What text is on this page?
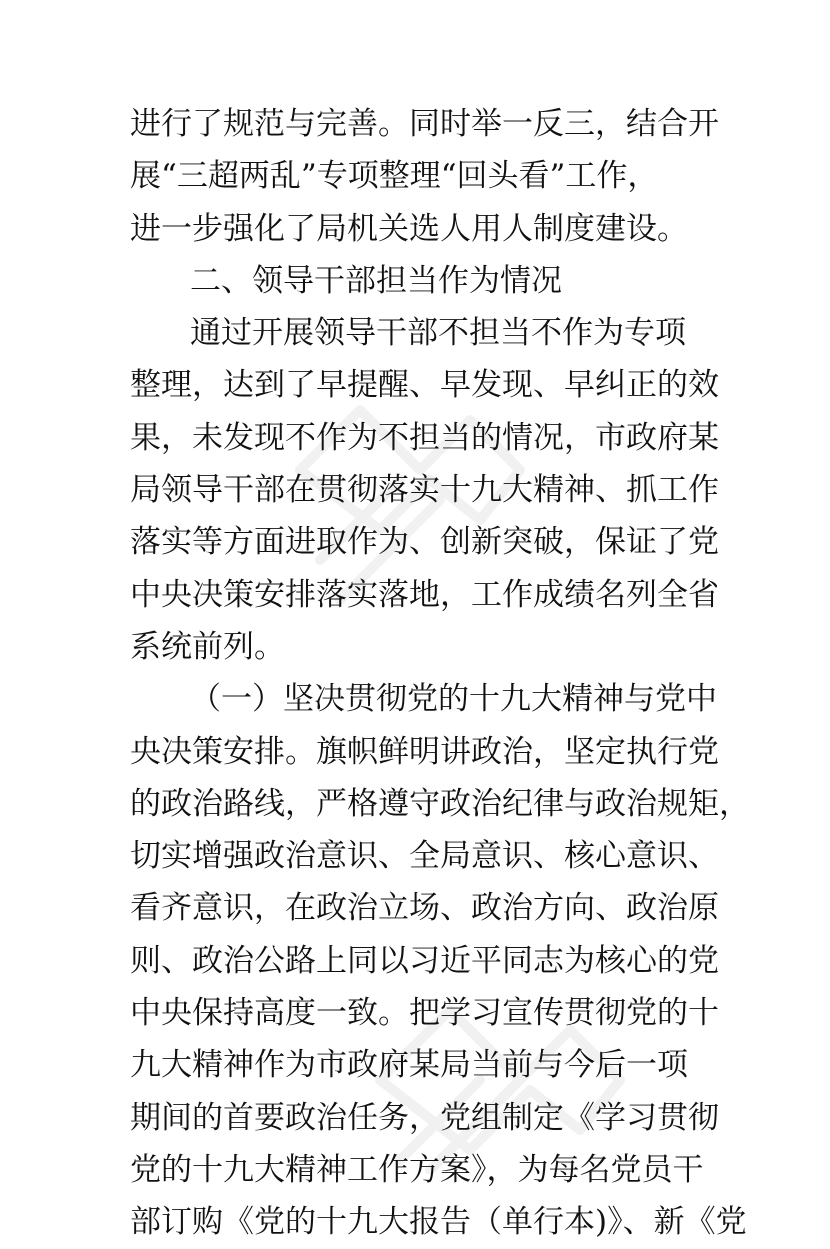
进行了规范与完善。同时举一反三，结合开
展“三超两乱”专项整理“回头看”工作，
进一步强化了局机关选人用人制度建设。
二、领导干部担当作为情况
通过开展领导干部不担当不作为专项
整理，达到了早提醒、早发现、早纠正的效
果，未发现不作为不担当的情况，市政府某
局领导干部在贯彻落实十九大精神、抓工作
落实等方面进取作为、创新突破，保证了党
中央决策安排落实落地，工作成绩名列全省
系统前列。
（一）坚决贯彻党的十九大精神与党中
央决策安排。旗帜鲜明讲政治，坚定执行党
的政治路线，严格遵守政治纪律与政治规矩，
切实增强政治意识、全局意识、核心意识、
看齐意识，在政治立场、政治方向、政治原
则、政治公路上同以习近平同志为核心的党
中央保持高度一致。把学习宣传贯彻党的十
九大精神作为市政府某局当前与今后一项
期间的首要政治任务，党组制定《学习贯彻
党的十九大精神工作方案》，为每名党员干
部订购《党的十九大报告（单行本)》、新《党
